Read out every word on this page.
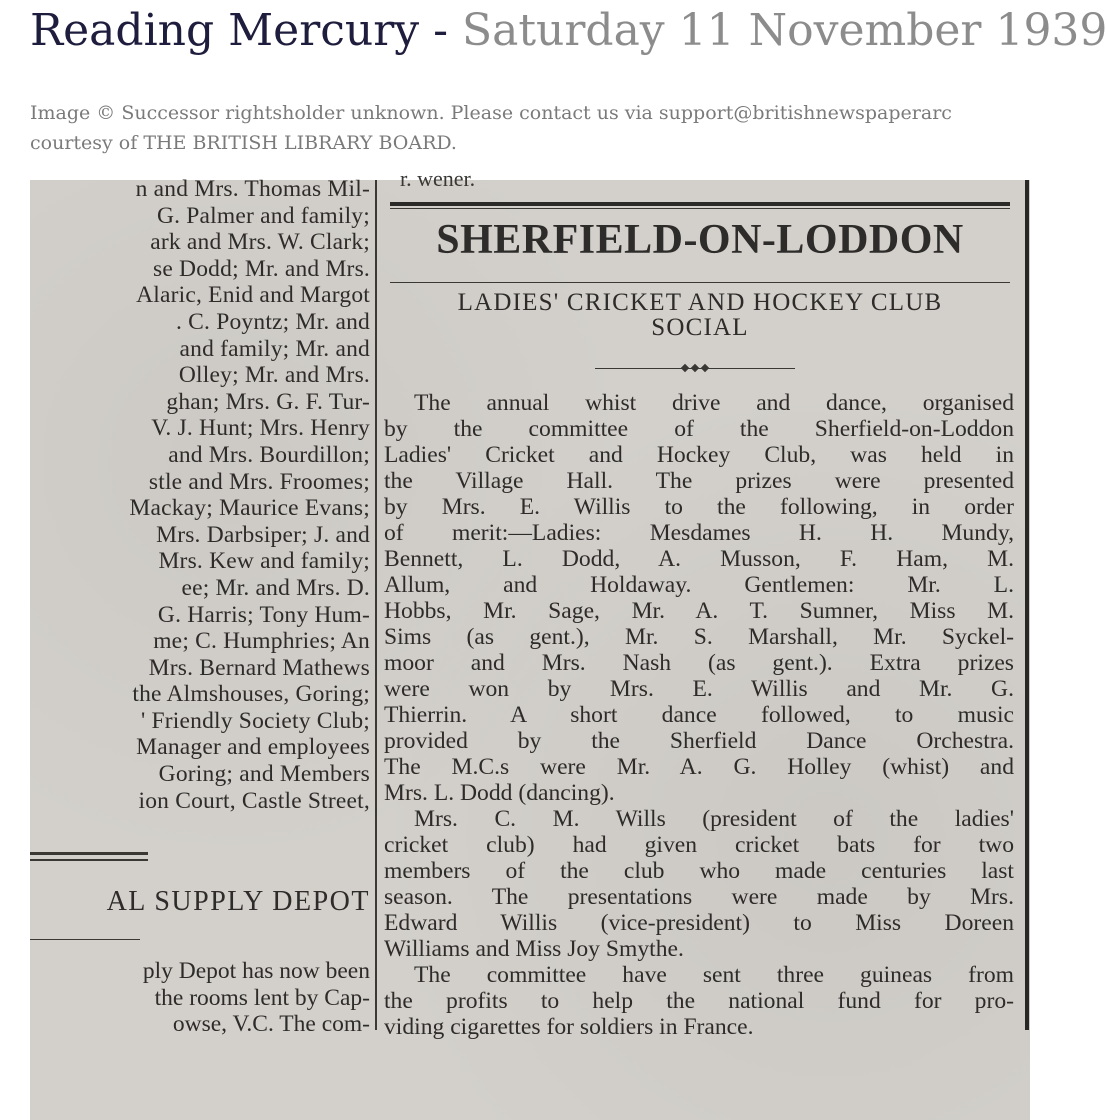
Reading Mercury - Saturday 11 November 1939
Image © Successor rightsholder unknown. Please contact us via support@britishnewspaperarc
courtesy of THE BRITISH LIBRARY BOARD.
n and Mrs. Thomas Mil-
G. Palmer and family;
ark and Mrs. W. Clark;
se Dodd; Mr. and Mrs.
Alaric, Enid and Margot
. C. Poyntz; Mr. and
and family; Mr. and
Olley; Mr. and Mrs.
ghan; Mrs. G. F. Tur-
V. J. Hunt; Mrs. Henry
and Mrs. Bourdillon;
stle and Mrs. Froomes;
Mackay; Maurice Evans;
Mrs. Darbsiper; J. and
Mrs. Kew and family;
ee; Mr. and Mrs. D.
G. Harris; Tony Hum-
me; C. Humphries; An
Mrs. Bernard Mathews
the Almshouses, Goring;
' Friendly Society Club;
Manager and employees
Goring; and Members
ion Court, Castle Street,
AL SUPPLY DEPOT
ply Depot has now been
the rooms lent by Cap-
owse, V.C. The com-
r. wener.
SHERFIELD-ON-LODDON
LADIES' CRICKET AND HOCKEY CLUB
SOCIAL
The annual whist drive and dance, organised
by the committee of the Sherfield-on-Loddon
Ladies' Cricket and Hockey Club, was held in
the Village Hall. The prizes were presented
by Mrs. E. Willis to the following, in order
of merit:—Ladies: Mesdames H. H. Mundy,
Bennett, L. Dodd, A. Musson, F. Ham, M.
Allum, and Holdaway. Gentlemen: Mr. L.
Hobbs, Mr. Sage, Mr. A. T. Sumner, Miss M.
Sims (as gent.), Mr. S. Marshall, Mr. Syckel-
moor and Mrs. Nash (as gent.). Extra prizes
were won by Mrs. E. Willis and Mr. G.
Thierrin. A short dance followed, to music
provided by the Sherfield Dance Orchestra.
The M.C.s were Mr. A. G. Holley (whist) and
Mrs. L. Dodd (dancing).
Mrs. C. M. Wills (president of the ladies'
cricket club) had given cricket bats for two
members of the club who made centuries last
season. The presentations were made by Mrs.
Edward Willis (vice-president) to Miss Doreen
Williams and Miss Joy Smythe.
The committee have sent three guineas from
the profits to help the national fund for pro-
viding cigarettes for soldiers in France.
